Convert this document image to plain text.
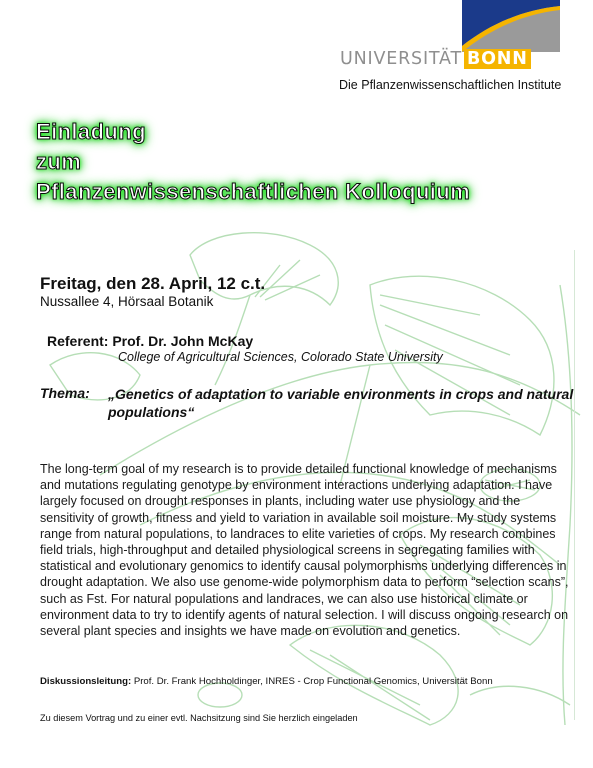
UNIVERSITÄT BONN
Die Pflanzenwissenschaftlichen Institute
Einladung
zum
Pflanzenwissenschaftlichen Kolloquium
Freitag, den 28. April, 12 c.t.
Nussallee 4, Hörsaal Botanik
Referent: Prof. Dr. John McKay
College of Agricultural Sciences, Colorado State University
Thema: „Genetics of adaptation to variable environments in crops and natural populations“
The long-term goal of my research is to provide detailed functional knowledge of mechanisms and mutations regulating genotype by environment interactions underlying adaptation. I have largely focused on drought responses in plants, including water use physiology and the sensitivity of growth, fitness and yield to variation in available soil moisture. My study systems range from natural populations, to landraces to elite varieties of crops. My research combines field trials, high-throughput and detailed physiological screens in segregating families with statistical and evolutionary genomics to identify causal polymorphisms underlying differences in drought adaptation. We also use genome-wide polymorphism data to perform “selection scans”, such as Fst. For natural populations and landraces, we can also use historical climate or environment data to try to identify agents of natural selection. I will discuss ongoing research on several plant species and insights we have made on evolution and genetics.
Diskussionsleitung: Prof. Dr. Frank Hochholdinger, INRES - Crop Functional Genomics, Universität Bonn
Zu diesem Vortrag und zu einer evtl. Nachsitzung sind Sie herzlich eingeladen
